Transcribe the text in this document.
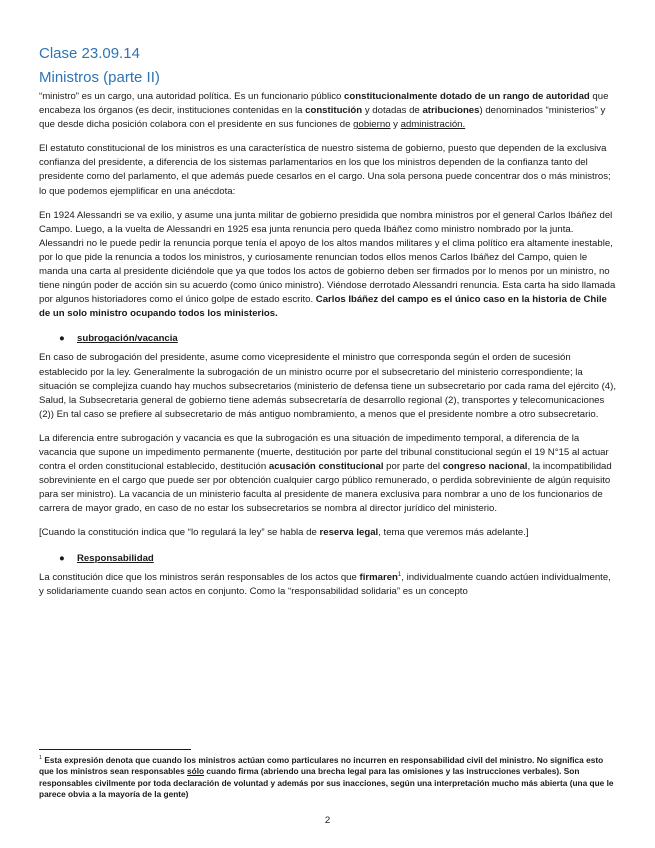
Clase 23.09.14
Ministros (parte II)

“ministro” es un cargo, una autoridad política. Es un funcionario público constitucionalmente dotado de un rango de autoridad que encabeza los órganos (es decir, instituciones contenidas en la constitución y dotadas de atribuciones) denominados “ministerios” y que desde dicha posición colabora con el presidente en sus funciones de gobierno y administración.

El estatuto constitucional de los ministros es una característica de nuestro sistema de gobierno, puesto que dependen de la exclusiva confianza del presidente, a diferencia de los sistemas parlamentarios en los que los ministros dependen de la confianza tanto del presidente como del parlamento, el que además puede cesarlos en el cargo. Una sola persona puede concentrar dos o más ministros; lo que podemos ejemplificar en una anécdota:

En 1924 Alessandri se va exilio, y asume una junta militar de gobierno presidida que nombra ministros por el general Carlos Ibáñez del Campo. Luego, a la vuelta de Alessandri en 1925 esa junta renuncia pero queda Ibáñez como ministro nombrado por la junta. Alessandri no le puede pedir la renuncia porque tenía el apoyo de los altos mandos militares y el clima político era altamente inestable, por lo que pide la renuncia a todos los ministros, y curiosamente renuncian todos ellos menos Carlos Ibáñez del Campo, quien le manda una carta al presidente diciéndole que ya que todos los actos de gobierno deben ser firmados por lo menos por un ministro, no tiene ningún poder de acción sin su acuerdo (como único ministro). Viéndose derrotado Alessandri renuncia. Esta carta ha sido llamada por algunos historiadores como el único golpe de estado escrito. Carlos Ibáñez del campo es el único caso en la historia de Chile de un solo ministro ocupando todos los ministerios.

● subrogación/vacancia

En caso de subrogación del presidente, asume como vicepresidente el ministro que corresponda según el orden de sucesión establecido por la ley. Generalmente la subrogación de un ministro ocurre por el subsecretario del ministerio correspondiente; la situación se complejiza cuando hay muchos subsecretarios (ministerio de defensa tiene un subsecretario por cada rama del ejército (4), Salud, la Subsecretaria general de gobierno tiene además subsecretaría de desarrollo regional (2), transportes y telecomunicaciones (2)) En tal caso se prefiere al subsecretario de más antiguo nombramiento, a menos que el presidente nombre a otro subsecretario.

La diferencia entre subrogación y vacancia es que la subrogación es una situación de impedimento temporal, a diferencia de la vacancia que supone un impedimento permanente (muerte, destitución por parte del tribunal constitucional según el 19 N°15 al actuar contra el orden constitucional establecido, destitución acusación constitucional por parte del congreso nacional, la incompatibilidad sobreviniente en el cargo que puede ser por obtención cualquier cargo público remunerado, o perdida sobreviniente de algún requisito para ser ministro). La vacancia de un ministerio faculta al presidente de manera exclusiva para nombrar a uno de los funcionarios de carrera de mayor grado, en caso de no estar los subsecretarios se nombra al director jurídico del ministerio.

[Cuando la constitución indica que “lo regulará la ley” se habla de reserva legal, tema que veremos más adelante.]

● Responsabilidad

La constitución dice que los ministros serán responsables de los actos que firmaren$^1$, individualmente cuando actúen individualmente, y solidariamente cuando sean actos en conjunto. Como la “responsabilidad solidaria” es un concepto

$^1$ Esta expresión denota que cuando los ministros actúan como particulares no incurren en responsabilidad civil del ministro. No significa esto que los ministros sean responsables sólo cuando firma (abriendo una brecha legal para las omisiones y las instrucciones verbales). Son responsables civilmente por toda declaración de voluntad y además por sus inacciones, según una interpretación mucho más abierta (una que le parece obvia a la mayoría de la gente)
2
